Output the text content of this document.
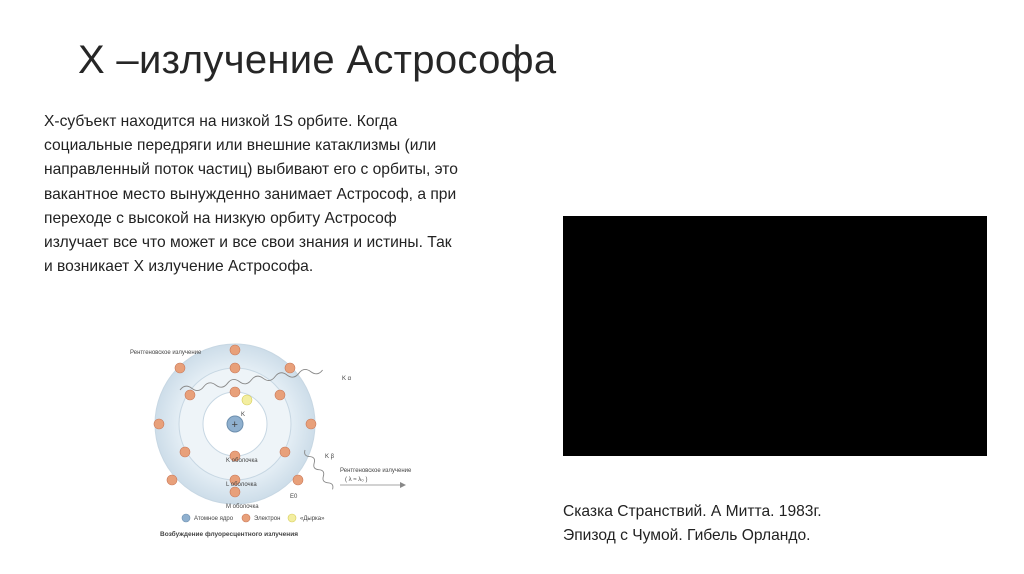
X –излучение Астрософа

Х-субъект находится на низкой 1S орбите. Когда

социальные передряги или внешние катаклизмы (или

направленный поток частиц) выбивают его с орбиты, это

вакантное место вынужденно занимает Астрософ, а при

переходе с высокой на низкую орбиту Астрософ

излучает все что может и все свои знания и истины. Так

и возникает Х излучение Астрософа.

Сказка Странствий. А Митта. 1983г.
Эпизод с Чумой. Гибель Орландо.
+
Рентгеновское излучение
K α
K
K оболочка
L оболочка
M оболочка
K β
Рентгеновское излучение
( λ ≈ λ₀ )
E0
Атомное ядро	Электрон	«Дырка»
Возбуждение флуоресцентного излучения
